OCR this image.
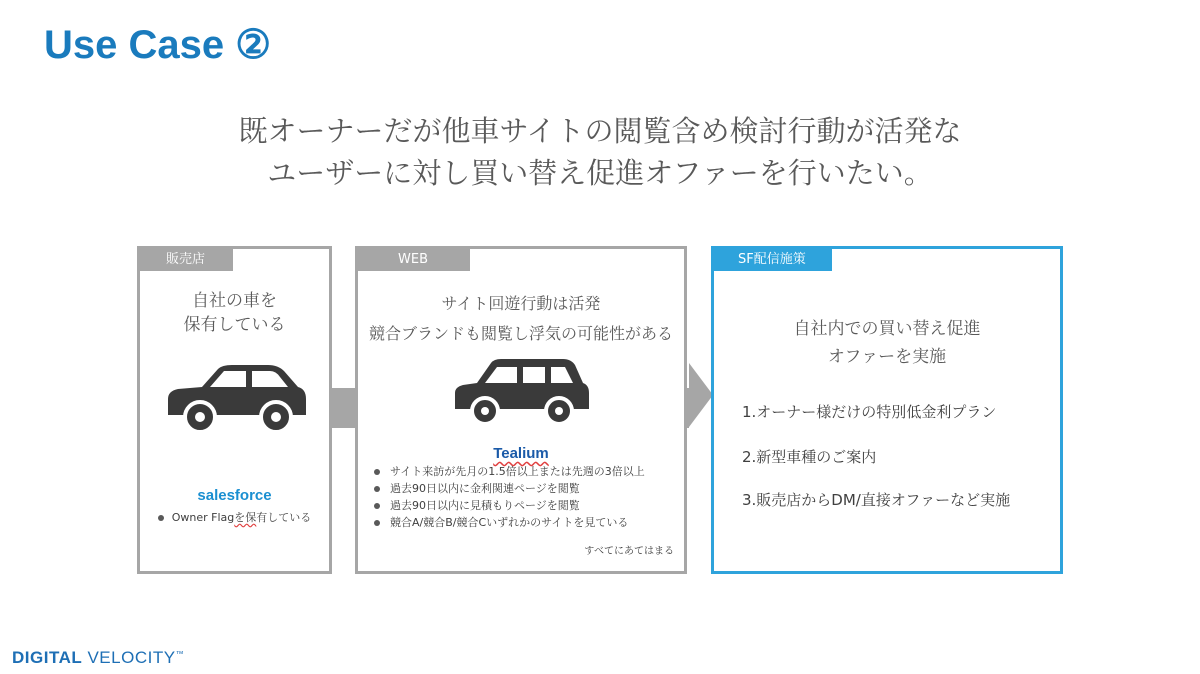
Use Case ②
既オーナーだが他車サイトの閲覧含め検討行動が活発な
ユーザーに対し買い替え促進オファーを行いたい。
販売店
自社の車を
保有している
salesforce
Owner Flagを保有している
WEB
サイト回遊行動は活発
競合ブランドも閲覧し浮気の可能性がある
Tealium
サイト来訪が先月の1.5倍以上または先週の3倍以上
過去90日以内に金利関連ページを閲覧
過去90日以内に見積もりページを閲覧
競合A/競合B/競合Cいずれかのサイトを見ている
すべてにあてはまる
SF配信施策
自社内での買い替え促進
オファーを実施
1.オーナー様だけの特別低金利プラン
2.新型車種のご案内
3.販売店からDM/直接オファーなど実施
DIGITAL VELOCITY™
